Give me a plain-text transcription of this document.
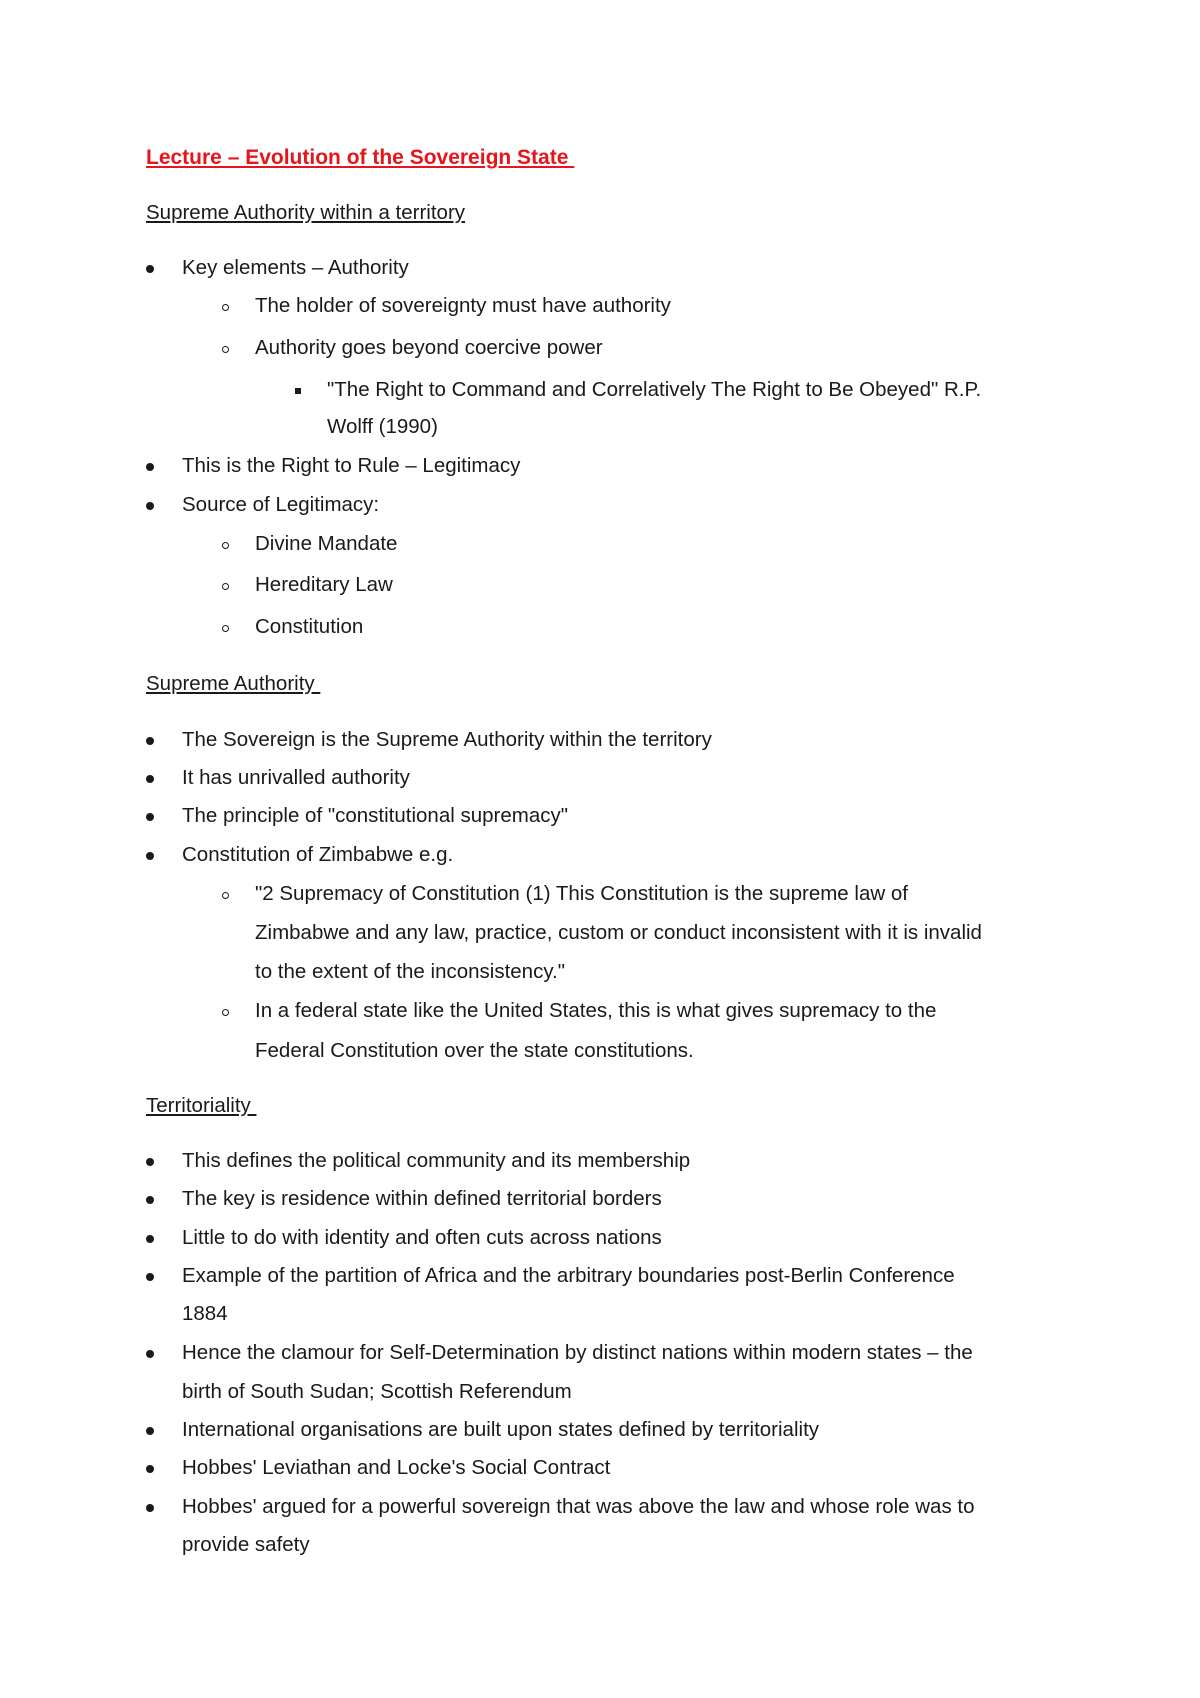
Lecture – Evolution of the Sovereign State
Supreme Authority within a territory
Key elements – Authority
The holder of sovereignty must have authority
Authority goes beyond coercive power
"The Right to Command and Correlatively The Right to Be Obeyed" R.P.
Wolff (1990)
This is the Right to Rule – Legitimacy
Source of Legitimacy:
Divine Mandate
Hereditary Law
Constitution
Supreme Authority
The Sovereign is the Supreme Authority within the territory
It has unrivalled authority
The principle of "constitutional supremacy"
Constitution of Zimbabwe e.g.
"2 Supremacy of Constitution (1) This Constitution is the supreme law of
Zimbabwe and any law, practice, custom or conduct inconsistent with it is invalid
to the extent of the inconsistency."
In a federal state like the United States, this is what gives supremacy to the
Federal Constitution over the state constitutions.
Territoriality
This defines the political community and its membership
The key is residence within defined territorial borders
Little to do with identity and often cuts across nations
Example of the partition of Africa and the arbitrary boundaries post-Berlin Conference
1884
Hence the clamour for Self-Determination by distinct nations within modern states – the
birth of South Sudan; Scottish Referendum
International organisations are built upon states defined by territoriality
Hobbes' Leviathan and Locke's Social Contract
Hobbes' argued for a powerful sovereign that was above the law and whose role was to
provide safety
